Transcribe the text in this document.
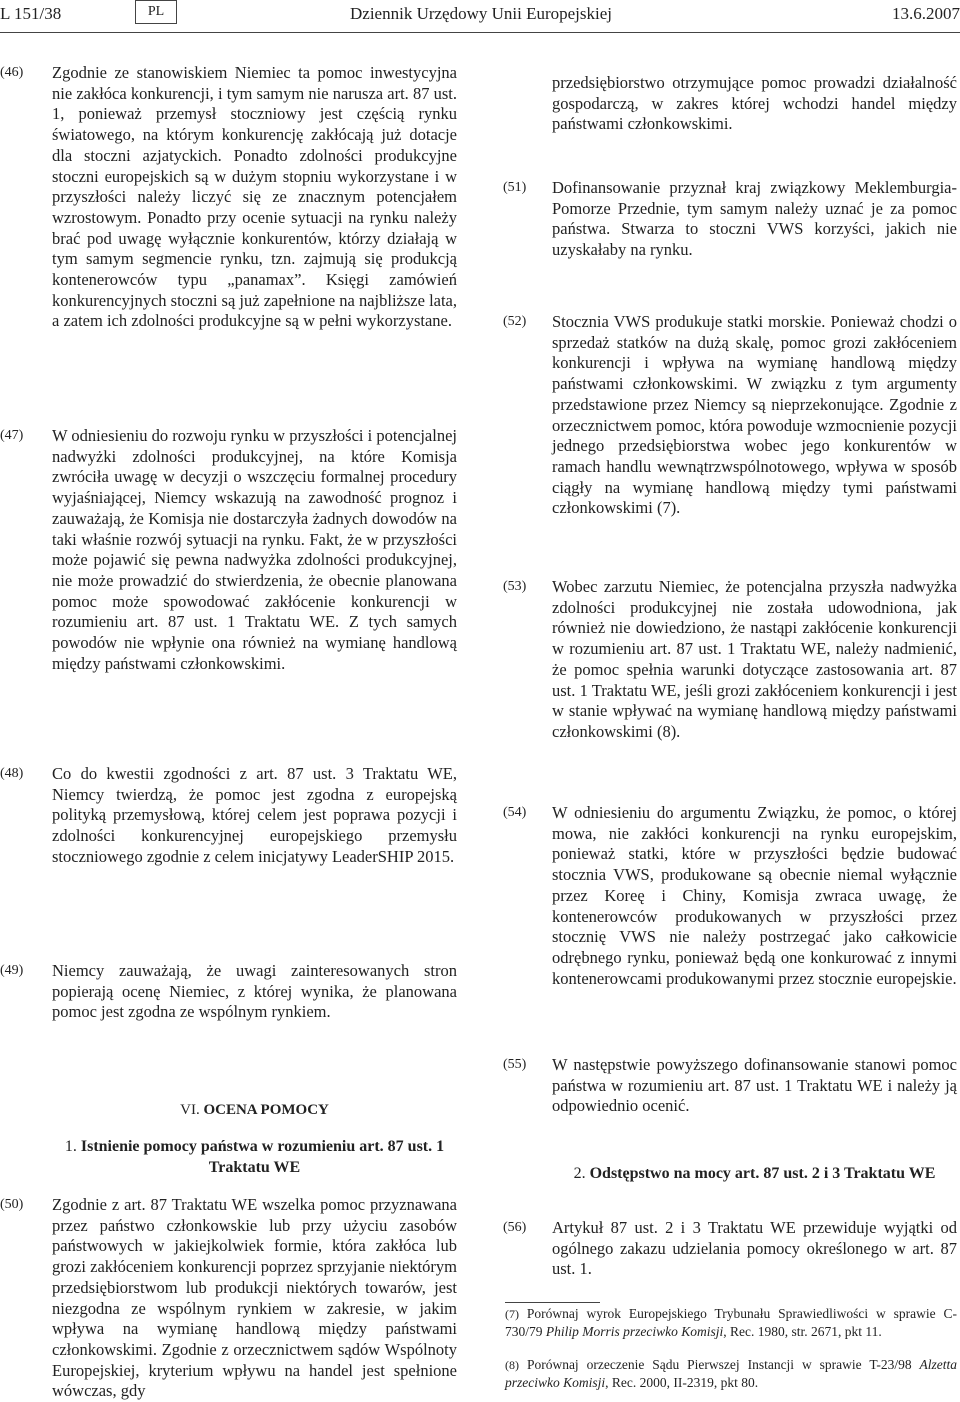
L 151/38	PL	Dziennik Urzędowy Unii Europejskiej	13.6.2007
(46) Zgodnie ze stanowiskiem Niemiec ta pomoc inwestycyjna nie zakłóca konkurencji, i tym samym nie narusza art. 87 ust. 1, ponieważ przemysł stoczniowy jest częścią rynku światowego, na którym konkurencję zakłócają już dotacje dla stoczni azjatyckich. Ponadto zdolności produkcyjne stoczni europejskich są w dużym stopniu wykorzystane i w przyszłości należy liczyć się ze znacznym potencjałem wzrostowym. Ponadto przy ocenie sytuacji na rynku należy brać pod uwagę wyłącznie konkurentów, którzy działają w tym samym segmencie rynku, tzn. zajmują się produkcją kontenerowców typu „panamax”. Księgi zamówień konkurencyjnych stoczni są już zapełnione na najbliższe lata, a zatem ich zdolności produkcyjne są w pełni wykorzystane.
(47) W odniesieniu do rozwoju rynku w przyszłości i potencjalnej nadwyżki zdolności produkcyjnej, na które Komisja zwróciła uwagę w decyzji o wszczęciu formalnej procedury wyjaśniającej, Niemcy wskazują na zawodność prognoz i zauważają, że Komisja nie dostarczyła żadnych dowodów na taki właśnie rozwój sytuacji na rynku. Fakt, że w przyszłości może pojawić się pewna nadwyżka zdolności produkcyjnej, nie może prowadzić do stwierdzenia, że obecnie planowana pomoc może spowodować zakłócenie konkurencji w rozumieniu art. 87 ust. 1 Traktatu WE. Z tych samych powodów nie wpłynie ona również na wymianę handlową między państwami członkowskimi.
(48) Co do kwestii zgodności z art. 87 ust. 3 Traktatu WE, Niemcy twierdzą, że pomoc jest zgodna z europejską polityką przemysłową, której celem jest poprawa pozycji i zdolności konkurencyjnej europejskiego przemysłu stoczniowego zgodnie z celem inicjatywy LeaderSHIP 2015.
(49) Niemcy zauważają, że uwagi zainteresowanych stron popierają ocenę Niemiec, z której wynika, że planowana pomoc jest zgodna ze wspólnym rynkiem.
VI. OCENA POMOCY
1. Istnienie pomocy państwa w rozumieniu art. 87 ust. 1 Traktatu WE
(50) Zgodnie z art. 87 Traktatu WE wszelka pomoc przyznawana przez państwo członkowskie lub przy użyciu zasobów państwowych w jakiejkolwiek formie, która zakłóca lub grozi zakłóceniem konkurencji poprzez sprzyjanie niektórym przedsiębiorstwom lub produkcji niektórych towarów, jest niezgodna ze wspólnym rynkiem w zakresie, w jakim wpływa na wymianę handlową między państwami członkowskimi. Zgodnie z orzecznictwem sądów Wspólnoty Europejskiej, kryterium wpływu na handel jest spełnione wówczas, gdy
przedsiębiorstwo otrzymujące pomoc prowadzi działalność gospodarczą, w zakres której wchodzi handel między państwami członkowskimi.
(51) Dofinansowanie przyznał kraj związkowy Meklemburgia-Pomorze Przednie, tym samym należy uznać je za pomoc państwa. Stwarza to stoczni VWS korzyści, jakich nie uzyskałaby na rynku.
(52) Stocznia VWS produkuje statki morskie. Ponieważ chodzi o sprzedaż statków na dużą skalę, pomoc grozi zakłóceniem konkurencji i wpływa na wymianę handlową między państwami członkowskimi. W związku z tym argumenty przedstawione przez Niemcy są nieprzekonujące. Zgodnie z orzecznictwem pomoc, która powoduje wzmocnienie pozycji jednego przedsiębiorstwa wobec jego konkurentów w ramach handlu wewnątrzwspólnotowego, wpływa w sposób ciągły na wymianę handlową między tymi państwami członkowskimi (7).
(53) Wobec zarzutu Niemiec, że potencjalna przyszła nadwyżka zdolności produkcyjnej nie została udowodniona, jak również nie dowiedziono, że nastąpi zakłócenie konkurencji w rozumieniu art. 87 ust. 1 Traktatu WE, należy nadmienić, że pomoc spełnia warunki dotyczące zastosowania art. 87 ust. 1 Traktatu WE, jeśli grozi zakłóceniem konkurencji i jest w stanie wpływać na wymianę handlową między państwami członkowskimi (8).
(54) W odniesieniu do argumentu Związku, że pomoc, o której mowa, nie zakłóci konkurencji na rynku europejskim, ponieważ statki, które w przyszłości będzie budować stocznia VWS, produkowane są obecnie niemal wyłącznie przez Koreę i Chiny, Komisja zwraca uwagę, że kontenerowców produkowanych w przyszłości przez stocznię VWS nie należy postrzegać jako całkowicie odrębnego rynku, ponieważ będą one konkurować z innymi kontenerowcami produkowanymi przez stocznie europejskie.
(55) W następstwie powyższego dofinansowanie stanowi pomoc państwa w rozumieniu art. 87 ust. 1 Traktatu WE i należy ją odpowiednio ocenić.
2. Odstępstwo na mocy art. 87 ust. 2 i 3 Traktatu WE
(56) Artykuł 87 ust. 2 i 3 Traktatu WE przewiduje wyjątki od ogólnego zakazu udzielania pomocy określonego w art. 87 ust. 1.
(7) Porównaj wyrok Europejskiego Trybunału Sprawiedliwości w sprawie C-730/79 Philip Morris przeciwko Komisji, Rec. 1980, str. 2671, pkt 11.
(8) Porównaj orzeczenie Sądu Pierwszej Instancji w sprawie T-23/98 Alzetta przeciwko Komisji, Rec. 2000, II-2319, pkt 80.
